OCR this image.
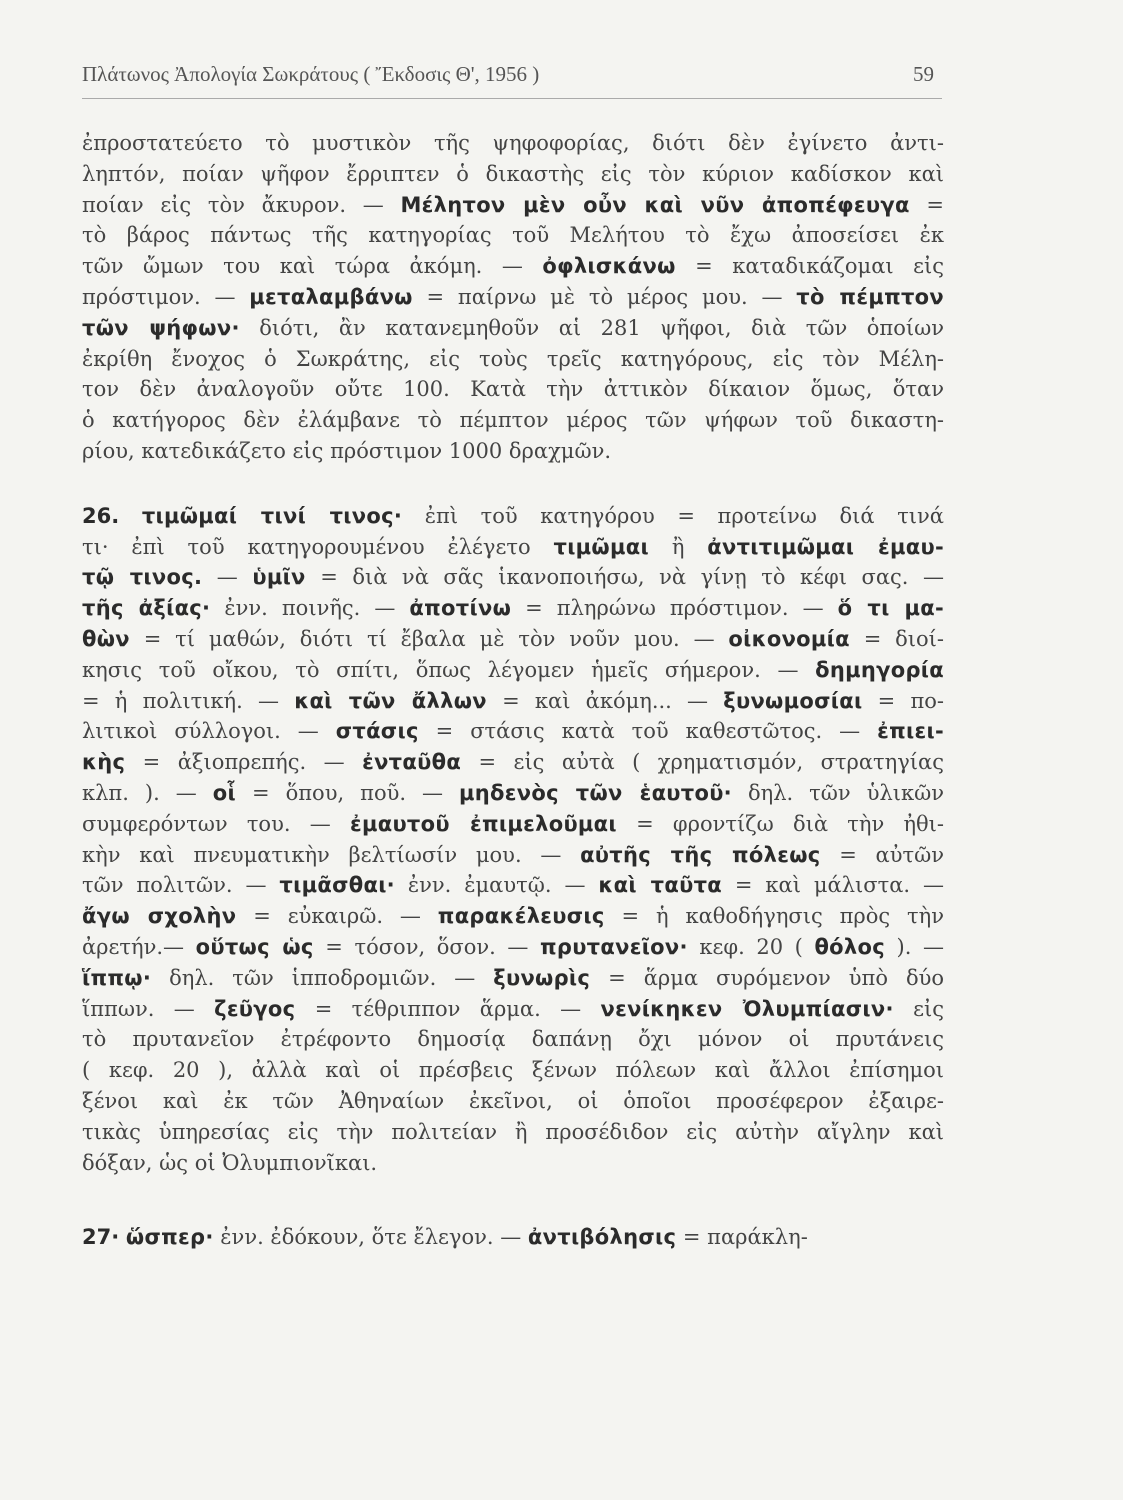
Πλάτωνος Ἀπολογία Σωκράτους ( Ἔκδοσις Θ', 1956 )	59
ἐπροστατεύετο τὸ μυστικὸν τῆς ψηφοφορίας, διότι δὲν ἐγίνετο ἀντι-
ληπτόν, ποίαν ψῆφον ἔρριπτεν ὁ δικαστὴς εἰς τὸν κύριον καδίσκον καὶ
ποίαν εἰς τὸν ἄκυρον. — Μέλητον μὲν οὖν καὶ νῦν ἀποπέφευγα =
τὸ βάρος πάντως τῆς κατηγορίας τοῦ Μελήτου τὸ ἔχω ἀποσείσει ἐκ
τῶν ὤμων του καὶ τώρα ἀκόμη. — ὀφλισκάνω = καταδικάζομαι εἰς
πρόστιμον. — μεταλαμβάνω = παίρνω μὲ τὸ μέρος μου. — τὸ πέμπτον
τῶν ψήφων· διότι, ἂν κατανεμηθοῦν αἱ 281 ψῆφοι, διὰ τῶν ὁποίων
ἐκρίθη ἔνοχος ὁ Σωκράτης, εἰς τοὺς τρεῖς κατηγόρους, εἰς τὸν Μέλη-
τον δὲν ἀναλογοῦν οὔτε 100. Κατὰ τὴν ἀττικὸν δίκαιον ὅμως, ὅταν
ὁ κατήγορος δὲν ἐλάμβανε τὸ πέμπτον μέρος τῶν ψήφων τοῦ δικαστη-
ρίου, κατεδικάζετο εἰς πρόστιμον 1000 δραχμῶν.
26. τιμῶμαί τινί τινος· ἐπὶ τοῦ κατηγόρου = προτείνω διά τινά
τι· ἐπὶ τοῦ κατηγορουμένου ἐλέγετο τιμῶμαι ἢ ἀντιτιμῶμαι ἐμαυ-
τῷ τινος. — ὑμῖν = διὰ νὰ σᾶς ἱκανοποιήσω, νὰ γίνῃ τὸ κέφι σας. —
τῆς ἀξίας· ἐνν. ποινῆς. — ἀποτίνω = πληρώνω πρόστιμον. — ὅ τι μα-
θὼν = τί μαθών, διότι τί ἔβαλα μὲ τὸν νοῦν μου. — οἰκονομία = διοί-
κησις τοῦ οἴκου, τὸ σπίτι, ὅπως λέγομεν ἡμεῖς σήμερον. — δημηγορία
= ἡ πολιτική. — καὶ τῶν ἄλλων = καὶ ἀκόμη... — ξυνωμοσίαι = πο-
λιτικοὶ σύλλογοι. — στάσις = στάσις κατὰ τοῦ καθεστῶτος. — ἐπιει-
κὴς = ἀξιοπρεπής. — ἐνταῦθα = εἰς αὐτὰ ( χρηματισμόν, στρατηγίας
κλπ. ). — οἷ = ὅπου, ποῦ. — μηδενὸς τῶν ἑαυτοῦ· δηλ. τῶν ὑλικῶν
συμφερόντων του. — ἐμαυτοῦ ἐπιμελοῦμαι = φροντίζω διὰ τὴν ἠθι-
κὴν καὶ πνευματικὴν βελτίωσίν μου. — αὐτῆς τῆς πόλεως = αὐτῶν
τῶν πολιτῶν. — τιμᾶσθαι· ἐνν. ἐμαυτῷ. — καὶ ταῦτα = καὶ μάλιστα. —
ἄγω σχολὴν = εὐκαιρῶ. — παρακέλευσις = ἡ καθοδήγησις πρὸς τὴν
ἀρετήν.— οὕτως ὡς = τόσον, ὅσον. — πρυτανεῖον· κεφ. 20 ( θόλος ). —
ἵππῳ· δηλ. τῶν ἱπποδρομιῶν. — ξυνωρὶς = ἅρμα συρόμενον ὑπὸ δύο
ἵππων. — ζεῦγος = τέθριππον ἅρμα. — νενίκηκεν Ὀλυμπίασιν· εἰς
τὸ πρυτανεῖον ἐτρέφοντο δημοσίᾳ δαπάνῃ ὄχι μόνον οἱ πρυτάνεις
( κεφ. 20 ), ἀλλὰ καὶ οἱ πρέσβεις ξένων πόλεων καὶ ἄλλοι ἐπίσημοι
ξένοι καὶ ἐκ τῶν Ἀθηναίων ἐκεῖνοι, οἱ ὁποῖοι προσέφερον ἐξαιρε-
τικὰς ὑπηρεσίας εἰς τὴν πολιτείαν ἢ προσέδιδον εἰς αὐτὴν αἴγλην καὶ
δόξαν, ὡς οἱ Ὀλυμπιονῖκαι.
27· ὥσπερ· ἐνν. ἐδόκουν, ὅτε ἔλεγον. — ἀντιβόλησις = παράκλη-
